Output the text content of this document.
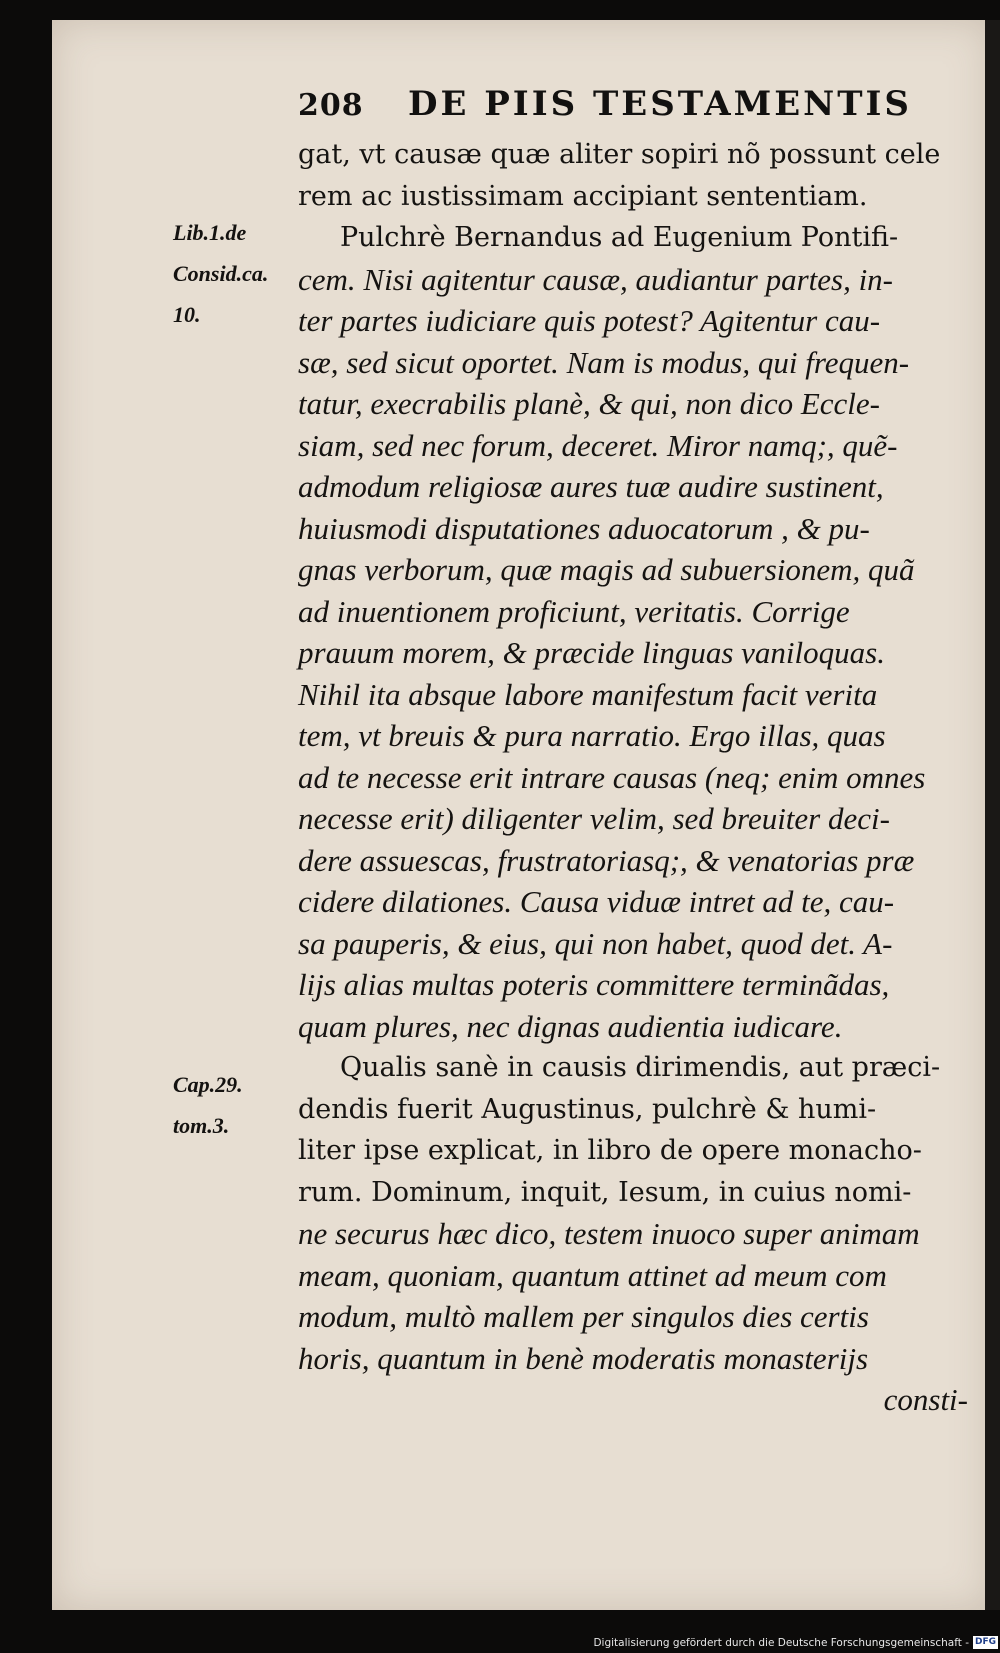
208 DE PIIS TESTAMENTIS
Lib.1.de
Consid.ca.
10.
Cap.29.
tom.3.
gat, vt causæ quæ aliter sopiri nõ possunt cele
rem ac iustissimam accipiant sententiam.
Pulchrè Bernandus ad Eugenium Pontifi-
cem. Nisi agitentur causæ, audiantur partes, in-
ter partes iudiciare quis potest? Agitentur cau-
sæ, sed sicut oportet. Nam is modus, qui frequen-
tatur, execrabilis planè, & qui, non dico Eccle-
siam, sed nec forum, deceret. Miror namq;, quẽ-
admodum religiosæ aures tuæ audire sustinent,
huiusmodi disputationes aduocatorum , & pu-
gnas verborum, quæ magis ad subuersionem, quã
ad inuentionem proficiunt, veritatis. Corrige
prauum morem, & præcide linguas vaniloquas.
Nihil ita absque labore manifestum facit verita
tem, vt breuis & pura narratio. Ergo illas, quas
ad te necesse erit intrare causas (neq; enim omnes
necesse erit) diligenter velim, sed breuiter deci-
dere assuescas, frustratoriasq;, & venatorias præ
cidere dilationes. Causa viduæ intret ad te, cau-
sa pauperis, & eius, qui non habet, quod det. A-
lijs alias multas poteris committere terminãdas,
quam plures, nec dignas audientia iudicare.
Qualis sanè in causis dirimendis, aut præci-
dendis fuerit Augustinus, pulchrè & humi-
liter ipse explicat, in libro de opere monacho-
rum. Dominum, inquit, Iesum, in cuius nomi-
ne securus hæc dico, testem inuoco super animam
meam, quoniam, quantum attinet ad meum com
modum, multò mallem per singulos dies certis
horis, quantum in benè moderatis monasterijs
consti-
Digitalisierung gefördert durch die Deutsche Forschungsgemeinschaft - DFG
